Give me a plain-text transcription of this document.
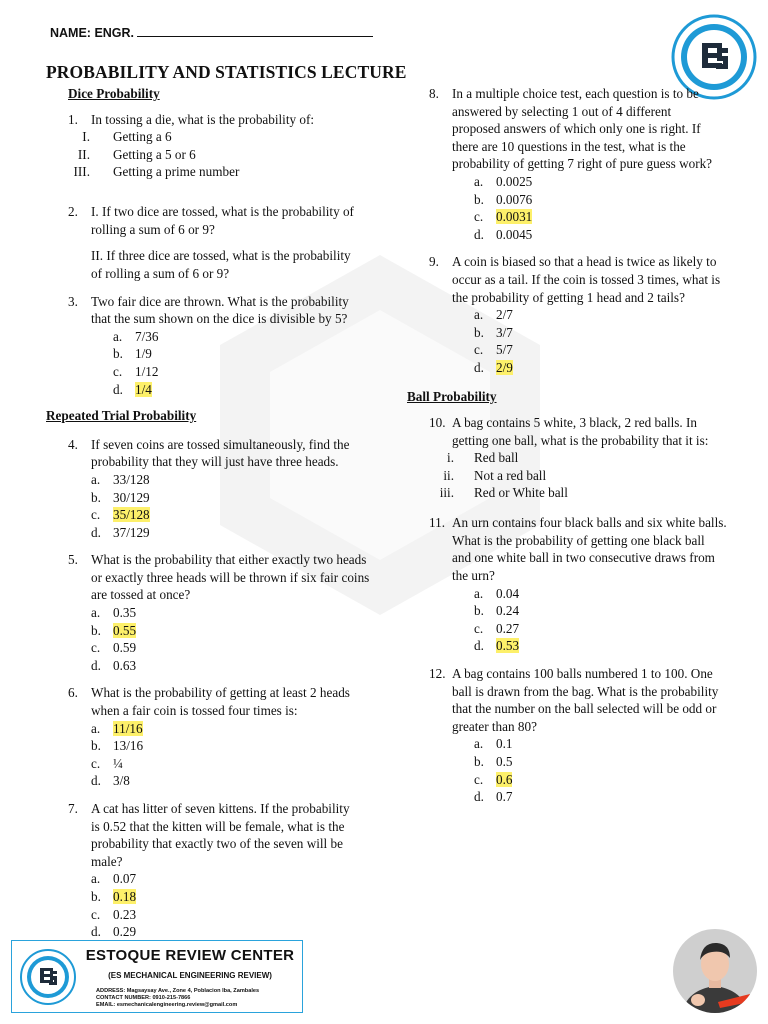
NAME: ENGR.
PROBABILITY AND STATISTICS LECTURE
Dice Probability
1. In tossing a die, what is the probability of:
I. Getting a 6
II. Getting a 5 or 6
III. Getting a prime number
2. I. If two dice are tossed, what is the probability of rolling a sum of 6 or 9?
II. If three dice are tossed, what is the probability of rolling a sum of 6 or 9?
3. Two fair dice are thrown. What is the probability that the sum shown on the dice is divisible by 5?
a. 7/36
b. 1/9
c. 1/12
d. 1/4
Repeated Trial Probability
4. If seven coins are tossed simultaneously, find the probability that they will just have three heads.
a. 33/128
b. 30/129
c. 35/128
d. 37/129
5. What is the probability that either exactly two heads or exactly three heads will be thrown if six fair coins are tossed at once?
a. 0.35
b. 0.55
c. 0.59
d. 0.63
6. What is the probability of getting at least 2 heads when a fair coin is tossed four times is:
a. 11/16
b. 13/16
c. ¼
d. 3/8
7. A cat has litter of seven kittens. If the probability is 0.52 that the kitten will be female, what is the probability that exactly two of the seven will be male?
a. 0.07
b. 0.18
c. 0.23
d. 0.29
8. In a multiple choice test, each question is to be answered by selecting 1 out of 4 different proposed answers of which only one is right. If there are 10 questions in the test, what is the probability of getting 7 right of pure guess work?
a. 0.0025
b. 0.0076
c. 0.0031
d. 0.0045
9. A coin is biased so that a head is twice as likely to occur as a tail. If the coin is tossed 3 times, what is the probability of getting 1 head and 2 tails?
a. 2/7
b. 3/7
c. 5/7
d. 2/9
Ball Probability
10. A bag contains 5 white, 3 black, 2 red balls. In getting one ball, what is the probability that it is:
i. Red ball
ii. Not a red ball
iii. Red or White ball
11. An urn contains four black balls and six white balls. What is the probability of getting one black ball and one white ball in two consecutive draws from the urn?
a. 0.04
b. 0.24
c. 0.27
d. 0.53
12. A bag contains 100 balls numbered 1 to 100. One ball is drawn from the bag. What is the probability that the number on the ball selected will be odd or greater than 80?
a. 0.1
b. 0.5
c. 0.6
d. 0.7
ESTOQUE REVIEW CENTER
(ES MECHANICAL ENGINEERING REVIEW)
ADDRESS: Magsaysay Ave., Zone 4, Poblacion Iba, Zambales
CONTACT NUMBER: 0910-215-7866
EMAIL: esmechanicalengineering.review@gmail.com
